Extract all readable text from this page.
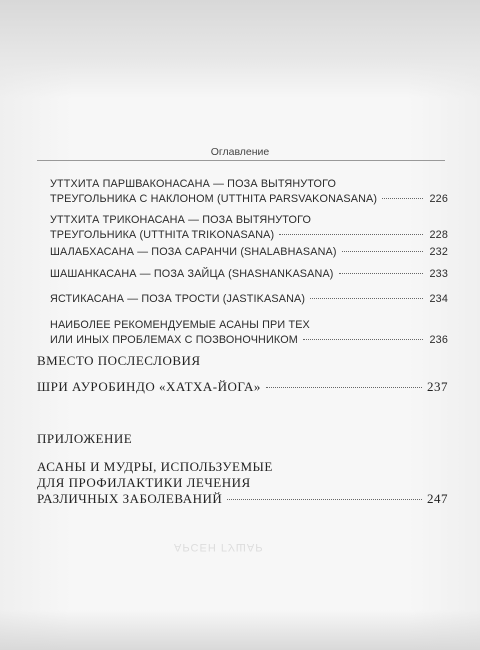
Оглавление
УТТХИТА ПАРШВАКОНАСАНА — ПОЗА ВЫТЯНУТОГО
ТРЕУГОЛЬНИКА С НАКЛОНОМ (UTTHITA PARSVAKONASANA)	226
УТТХИТА ТРИКОНАСАНА — ПОЗА ВЫТЯНУТОГО
ТРЕУГОЛЬНИКА (UTTHITA TRIKONASANA)	228
ШАЛАБХАСАНА — ПОЗА САРАНЧИ (SHALABHASANA)	232
ШАШАНКАСАНА — ПОЗА ЗАЙЦА (SHASHANKASANA)	233
ЯСТИКАСАНА — ПОЗА ТРОСТИ (JASTIKASANA)	234
НАИБОЛЕЕ РЕКОМЕНДУЕМЫЕ АСАНЫ ПРИ ТЕХ
ИЛИ ИНЫХ ПРОБЛЕМАХ С ПОЗВОНОЧНИКОМ	236
ВМЕСТО ПОСЛЕСЛОВИЯ
ШРИ АУРОБИНДО «ХАТХА-ЙОГА»	237
ПРИЛОЖЕНИЕ
АСАНЫ И МУДРЫ, ИСПОЛЬЗУЕМЫЕ
ДЛЯ ПРОФИЛАКТИКИ ЛЕЧЕНИЯ
РАЗЛИЧНЫХ ЗАБОЛЕВАНИЙ	247
АРСЕН ГУШАР
